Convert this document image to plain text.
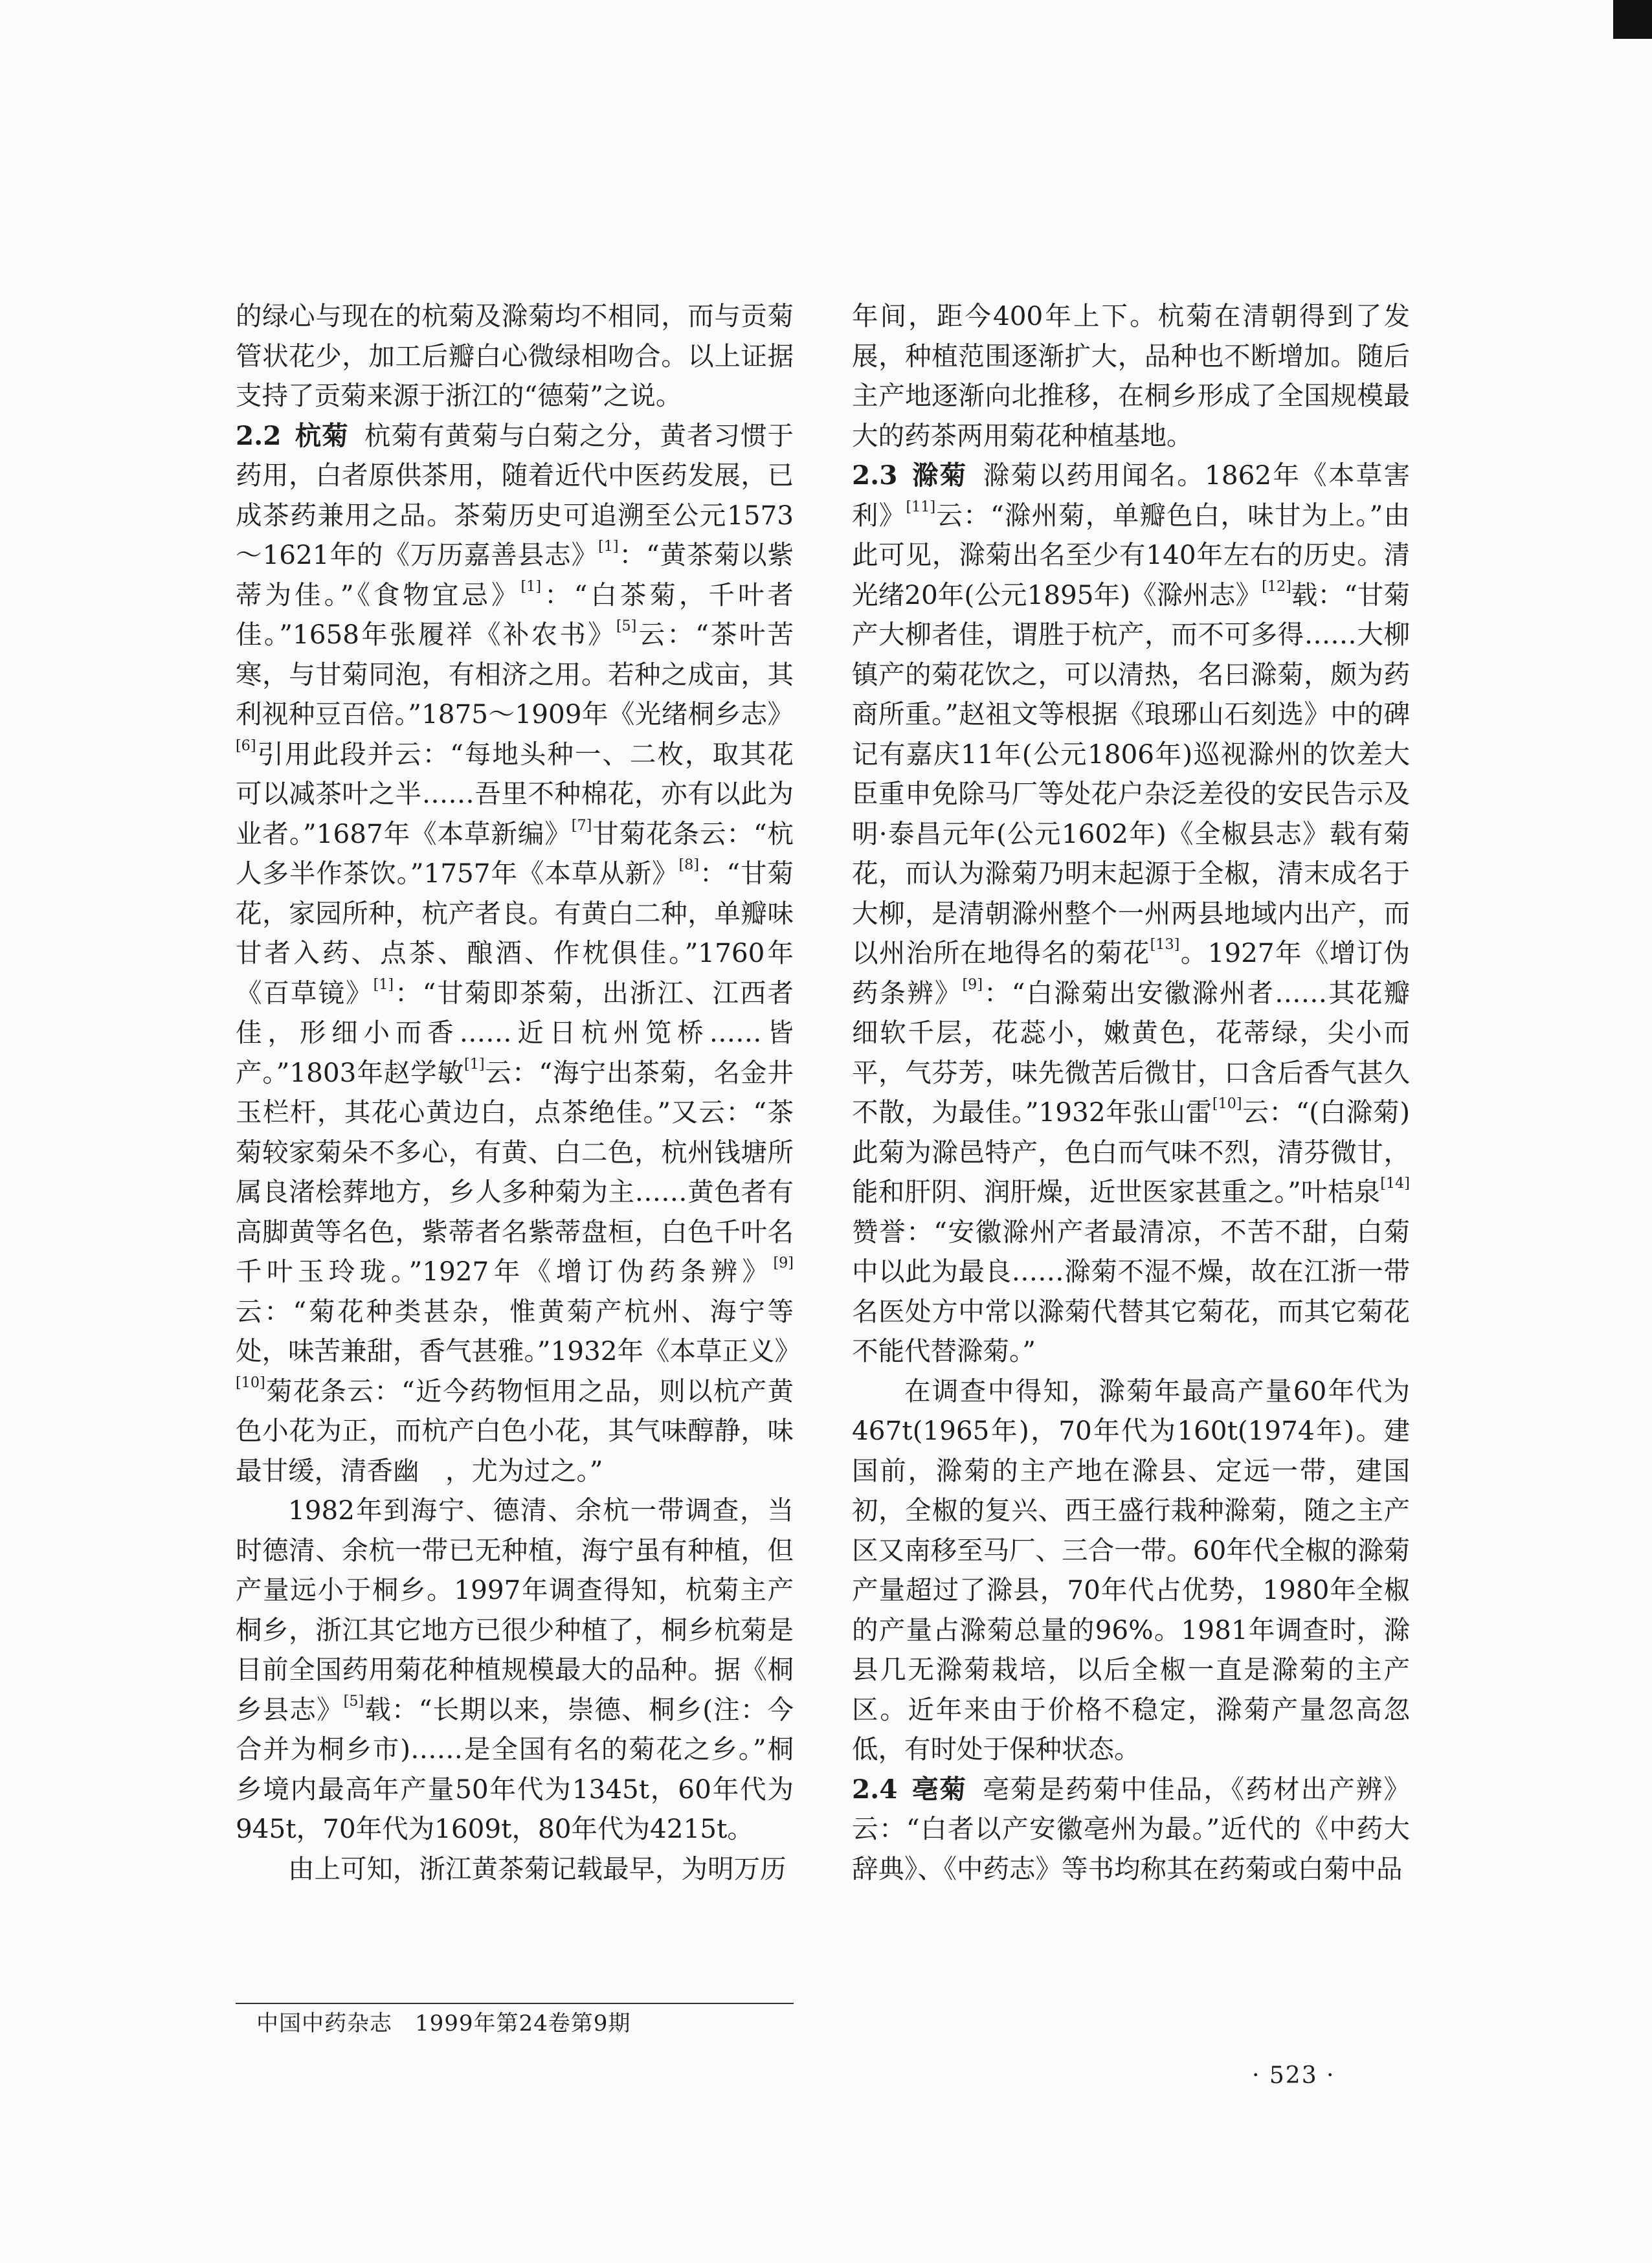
的绿心与现在的杭菊及滁菊均不相同，而与贡菊管状花少，加工后瓣白心微绿相吻合。以上证据支持了贡菊来源于浙江的“德菊”之说。

2.2 杭菊 杭菊有黄菊与白菊之分，黄者习惯于药用，白者原供茶用，随着近代中医药发展，已成茶药兼用之品。茶菊历史可追溯至公元1573～1621年的《万历嘉善县志》[1]：“黄茶菊以紫蒂为佳。”《食物宜忌》[1]：“白茶菊，千叶者佳。”1658年张履祥《补农书》[5]云：“茶叶苦寒，与甘菊同泡，有相济之用。若种之成亩，其利视种豆百倍。”1875～1909年《光绪桐乡志》[6]引用此段并云：“每地头种一、二枚，取其花可以减茶叶之半……吾里不种棉花，亦有以此为业者。”1687年《本草新编》[7]甘菊花条云：“杭人多半作茶饮。”1757年《本草从新》[8]：“甘菊花，家园所种，杭产者良。有黄白二种，单瓣味甘者入药、点茶、酿酒、作枕俱佳。”1760年《百草镜》[1]：“甘菊即茶菊，出浙江、江西者佳，形细小而香……近日杭州笕桥……皆产。”1803年赵学敏[1]云：“海宁出茶菊，名金井玉栏杆，其花心黄边白，点茶绝佳。”又云：“茶菊较家菊朵不多心，有黄、白二色，杭州钱塘所属良渚桧葬地方，乡人多种菊为主……黄色者有高脚黄等名色，紫蒂者名紫蒂盘桓，白色千叶名千叶玉玲珑。”1927年《增订伪药条辨》[9]云：“菊花种类甚杂，惟黄菊产杭州、海宁等处，味苦兼甜，香气甚雅。”1932年《本草正义》[10]菊花条云：“近今药物恒用之品，则以杭产黄色小花为正，而杭产白色小花，其气味醇静，味最甘缓，清香幽　，尤为过之。”

1982年到海宁、德清、余杭一带调查，当时德清、余杭一带已无种植，海宁虽有种植，但产量远小于桐乡。1997年调查得知，杭菊主产桐乡，浙江其它地方已很少种植了，桐乡杭菊是目前全国药用菊花种植规模最大的品种。据《桐乡县志》[5]载：“长期以来，崇德、桐乡(注：今合并为桐乡市)……是全国有名的菊花之乡。”桐乡境内最高年产量50年代为1345t，60年代为945t，70年代为1609t，80年代为4215t。

由上可知，浙江黄茶菊记载最早，为明万历

年间，距今400年上下。杭菊在清朝得到了发展，种植范围逐渐扩大，品种也不断增加。随后主产地逐渐向北推移，在桐乡形成了全国规模最大的药茶两用菊花种植基地。

2.3 滁菊 滁菊以药用闻名。1862年《本草害利》[11]云：“滁州菊，单瓣色白，味甘为上。”由此可见，滁菊出名至少有140年左右的历史。清光绪20年(公元1895年)《滁州志》[12]载：“甘菊产大柳者佳，谓胜于杭产，而不可多得……大柳镇产的菊花饮之，可以清热，名曰滁菊，颇为药商所重。”赵祖文等根据《琅琊山石刻选》中的碑记有嘉庆11年(公元1806年)巡视滁州的饮差大臣重申免除马厂等处花户杂泛差役的安民告示及明·泰昌元年(公元1602年)《全椒县志》载有菊花，而认为滁菊乃明末起源于全椒，清末成名于大柳，是清朝滁州整个一州两县地域内出产，而以州治所在地得名的菊花[13]。1927年《增订伪药条辨》[9]：“白滁菊出安徽滁州者……其花瓣细软千层，花蕊小，嫩黄色，花蒂绿，尖小而平，气芬芳，味先微苦后微甘，口含后香气甚久不散，为最佳。”1932年张山雷[10]云：“(白滁菊)此菊为滁邑特产，色白而气味不烈，清芬微甘，能和肝阴、润肝燥，近世医家甚重之。”叶桔泉[14]赞誉：“安徽滁州产者最清凉，不苦不甜，白菊中以此为最良……滁菊不湿不燥，故在江浙一带名医处方中常以滁菊代替其它菊花，而其它菊花不能代替滁菊。”

在调查中得知，滁菊年最高产量60年代为467t(1965年)，70年代为160t(1974年)。建国前，滁菊的主产地在滁县、定远一带，建国初，全椒的复兴、西王盛行栽种滁菊，随之主产区又南移至马厂、三合一带。60年代全椒的滁菊产量超过了滁县，70年代占优势，1980年全椒的产量占滁菊总量的96%。1981年调查时，滁县几无滁菊栽培，以后全椒一直是滁菊的主产区。近年来由于价格不稳定，滁菊产量忽高忽低，有时处于保种状态。

2.4 亳菊 亳菊是药菊中佳品，《药材出产辨》云：“白者以产安徽亳州为最。”近代的《中药大辞典》、《中药志》等书均称其在药菊或白菊中品

中国中药杂志　1999年第24卷第9期
· 523 ·
